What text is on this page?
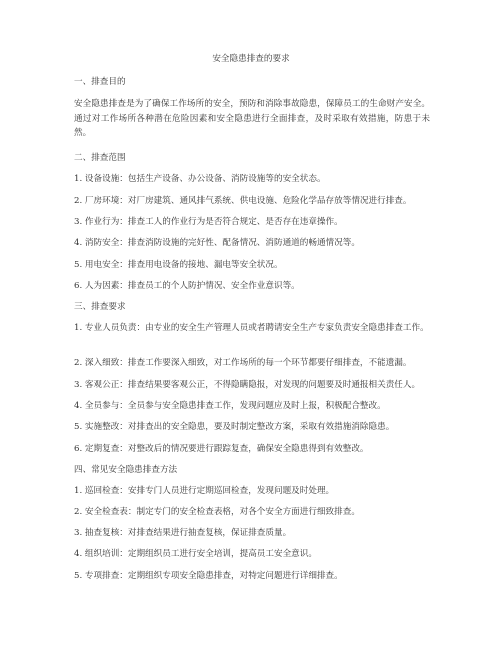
安全隐患排查的要求
一、排查目的
安全隐患排查是为了确保工作场所的安全，预防和消除事故隐患，保障员工的生命财产安全。通过对工作场所各种潜在危险因素和安全隐患进行全面排查，及时采取有效措施，防患于未然。
二、排查范围
1. 设备设施：包括生产设备、办公设备、消防设施等的安全状态。
2. 厂房环境：对厂房建筑、通风排气系统、供电设施、危险化学品存放等情况进行排查。
3. 作业行为：排查工人的作业行为是否符合规定、是否存在违章操作。
4. 消防安全：排查消防设施的完好性、配备情况、消防通道的畅通情况等。
5. 用电安全：排查用电设备的接地、漏电等安全状况。
6. 人为因素：排查员工的个人防护情况、安全作业意识等。
三、排查要求
1. 专业人员负责：由专业的安全生产管理人员或者聘请安全生产专家负责安全隐患排查工作。
2. 深入细致：排查工作要深入细致，对工作场所的每一个环节都要仔细排查，不能遗漏。
3. 客观公正：排查结果要客观公正，不得隐瞒隐报，对发现的问题要及时通报相关责任人。
4. 全员参与：全员参与安全隐患排查工作，发现问题应及时上报，积极配合整改。
5. 实施整改：对排查出的安全隐患，要及时制定整改方案，采取有效措施消除隐患。
6. 定期复查：对整改后的情况要进行跟踪复查，确保安全隐患得到有效整改。
四、常见安全隐患排查方法
1. 巡回检查：安排专门人员进行定期巡回检查，发现问题及时处理。
2. 安全检查表：制定专门的安全检查表格，对各个安全方面进行细致排查。
3. 抽查复核：对排查结果进行抽查复核，保证排查质量。
4. 组织培训：定期组织员工进行安全培训，提高员工安全意识。
5. 专项排查：定期组织专项安全隐患排查，对特定问题进行详细排查。
